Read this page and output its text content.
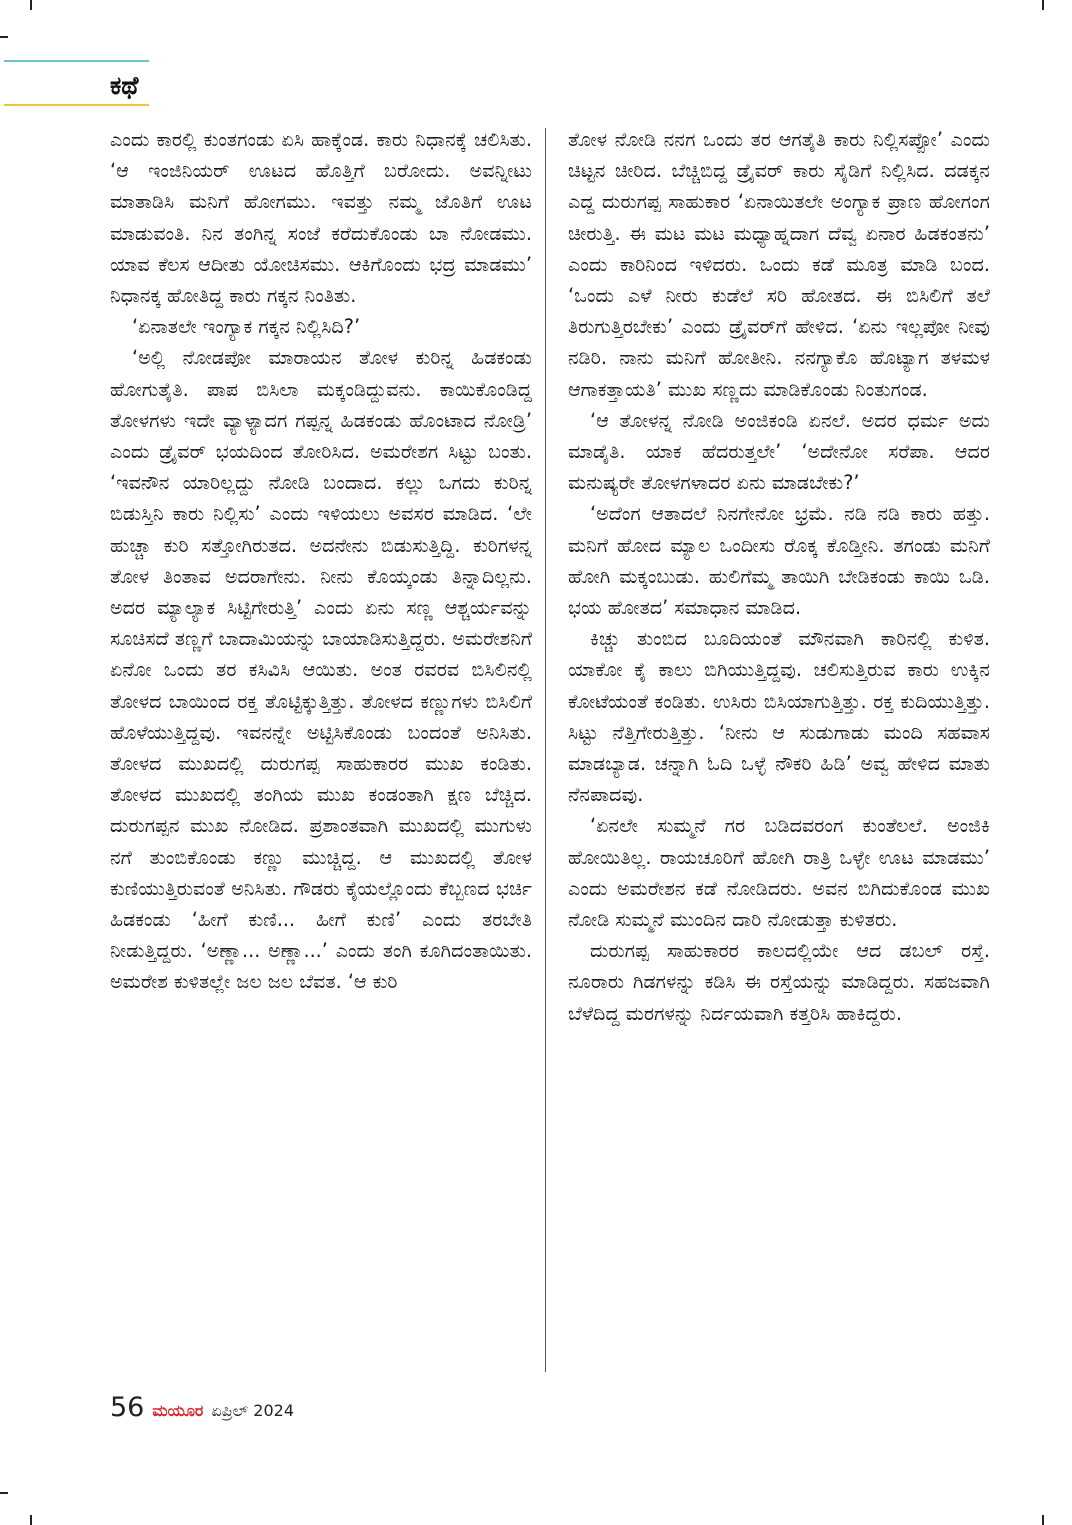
ಕಥೆ

ಎಂದು ಕಾರಲ್ಲಿ ಕುಂತಗಂಡು ಏಸಿ ಹಾಕ್ಕೆಂಡ. ಕಾರು ನಿಧಾನಕ್ಕೆ ಚಲಿಸಿತು. ‘ಆ ಇಂಜಿನಿಯರ್ ಊಟದ ಹೊತ್ತಿಗೆ ಬರೋದು. ಅವನ್ನೀಟು ಮಾತಾಡಿಸಿ ಮನಿಗೆ ಹೋಗಮು. ಇವತ್ತು ನಮ್ಮ ಜೊತಿಗೆ ಊಟ ಮಾಡುವಂತಿ. ನಿನ ತಂಗಿನ್ನ ಸಂಜೆ ಕರೆದುಕೊಂಡು ಬಾ ನೋಡಮು. ಯಾವ ಕೆಲಸ ಆದೀತು ಯೋಚಿಸಮು. ಆಕಿಗೊಂದು ಭದ್ರ ಮಾಡಮು’ ನಿಧಾನಕ್ಕ ಹೋತಿದ್ದ ಕಾರು ಗಕ್ಕನ ನಿಂತಿತು.

‘ಏನಾತಲೇ ಇಂಗ್ಯಾಕ ಗಕ್ಕನ ನಿಲ್ಲಿಸಿದಿ?’

‘ಅಲ್ಲಿ ನೋಡಪೋ ಮಾರಾಯನ ತೋಳ ಕುರಿನ್ನ ಹಿಡಕಂಡು ಹೋಗುತೈತಿ. ಪಾಪ ಬಿಸಿಲಾ ಮಕ್ಕಂಡಿದ್ದುವನು. ಕಾಯಿಕೊಂಡಿದ್ದ ತೋಳಗಳು ಇದೇ ವ್ಯಾಳ್ಯಾದಗ ಗಪ್ಪನ್ನ ಹಿಡಕಂಡು ಹೊಂಟಾದ ನೋಡ್ರಿ’ ಎಂದು ಡ್ರೈವರ್ ಭಯದಿಂದ ತೋರಿಸಿದ. ಅಮರೇಶಗ ಸಿಟ್ಟು ಬಂತು. ‘ಇವನೌನ ಯಾರಿಲ್ಲದ್ದು ನೋಡಿ ಬಂದಾದ. ಕಲ್ಲು ಒಗದು ಕುರಿನ್ನ ಬಿಡುಸ್ತಿನಿ ಕಾರು ನಿಲ್ಲಿಸು’ ಎಂದು ಇಳಿಯಲು ಅವಸರ ಮಾಡಿದ. ‘ಲೇ ಹುಚ್ಚಾ ಕುರಿ ಸತ್ತೋಗಿರುತದ. ಅದನೇನು ಬಿಡುಸುತ್ತಿದ್ದಿ. ಕುರಿಗಳನ್ನ ತೋಳ ತಿಂತಾವ ಅದರಾಗೇನು. ನೀನು ಕೊಯ್ಕಂಡು ತಿನ್ನಾದಿಲ್ಲನು. ಅದರ ಮ್ಯಾಲ್ಯಾಕ ಸಿಟ್ಟಿಗೇರುತ್ತಿ’ ಎಂದು ಏನು ಸಣ್ಣ ಆಶ್ಚರ್ಯವನ್ನು ಸೂಚಿಸದೆ ತಣ್ಣಗೆ ಬಾದಾಮಿಯನ್ನು ಬಾಯಾಡಿಸುತ್ತಿದ್ದರು. ಅಮರೇಶನಿಗೆ ಏನೋ ಒಂದು ತರ ಕಸಿವಿಸಿ ಆಯಿತು. ಅಂತ ರವರವ ಬಿಸಿಲಿನಲ್ಲಿ ತೋಳದ ಬಾಯಿಂದ ರಕ್ತ ತೊಟ್ಟಿಕ್ಕುತ್ತಿತ್ತು. ತೋಳದ ಕಣ್ಣುಗಳು ಬಿಸಿಲಿಗೆ ಹೊಳೆಯುತ್ತಿದ್ದವು. ಇವನನ್ನೇ ಅಟ್ಟಿಸಿಕೊಂಡು ಬಂದಂತೆ ಅನಿಸಿತು. ತೋಳದ ಮುಖದಲ್ಲಿ ದುರುಗಪ್ಪ ಸಾಹುಕಾರರ ಮುಖ ಕಂಡಿತು. ತೋಳದ ಮುಖದಲ್ಲಿ ತಂಗಿಯ ಮುಖ ಕಂಡಂತಾಗಿ ಕ್ಷಣ ಬೆಚ್ಚಿದ. ದುರುಗಪ್ಪನ ಮುಖ ನೋಡಿದ. ಪ್ರಶಾಂತವಾಗಿ ಮುಖದಲ್ಲಿ ಮುಗುಳು ನಗೆ ತುಂಬಿಕೊಂಡು ಕಣ್ಣು ಮುಚ್ಚಿದ್ದ. ಆ ಮುಖದಲ್ಲಿ ತೋಳ ಕುಣಿಯುತ್ತಿರುವಂತೆ ಅನಿಸಿತು. ಗೌಡರು ಕೈಯಲ್ಲೊಂದು ಕೆಬ್ಬಣದ ಭರ್ಚಿ ಹಿಡಕಂಡು ‘ಹೀಗೆ ಕುಣಿ... ಹೀಗೆ ಕುಣಿ’ ಎಂದು ತರಬೇತಿ ನೀಡುತ್ತಿದ್ದರು. ‘ಅಣ್ಣಾ... ಅಣ್ಣಾ...’ ಎಂದು ತಂಗಿ ಕೂಗಿದಂತಾಯಿತು. ಅಮರೇಶ ಕುಳಿತಲ್ಲೇ ಜಲ ಜಲ ಬೆವತ. ‘ಆ ಕುರಿ

ತೋಳ ನೋಡಿ ನನಗ ಒಂದು ತರ ಆಗತೈತಿ ಕಾರು ನಿಲ್ಲಿಸಪ್ಪೋ’ ಎಂದು ಚಿಟ್ಟನ ಚೀರಿದ. ಬೆಚ್ಚಿಬಿದ್ದ ಡ್ರೈವರ್ ಕಾರು ಸೈಡಿಗೆ ನಿಲ್ಲಿಸಿದ. ದಡಕ್ಕನ ಎದ್ದ ದುರುಗಪ್ಪ ಸಾಹುಕಾರ ‘ಏನಾಯಿತಲೇ ಅಂಗ್ಯಾಕ ಪ್ರಾಣ ಹೋಗಂಗ ಚೀರುತ್ತಿ. ಈ ಮಟ ಮಟ ಮಧ್ಯಾಹ್ನದಾಗ ದೆವ್ವ ಏನಾರ ಹಿಡಕಂತನು’ ಎಂದು ಕಾರಿನಿಂದ ಇಳಿದರು. ಒಂದು ಕಡೆ ಮೂತ್ರ ಮಾಡಿ ಬಂದ. ‘ಒಂದು ಎಳೆ ನೀರು ಕುಡೆಲೆ ಸರಿ ಹೋತದ. ಈ ಬಿಸಿಲಿಗೆ ತಲೆ ತಿರುಗುತ್ತಿರಬೇಕು’ ಎಂದು ಡ್ರೈವರ್‌ಗೆ ಹೇಳಿದ. ‘ಏನು ಇಲ್ಲಪೋ ನೀವು ನಡಿರಿ. ನಾನು ಮನಿಗೆ ಹೋತೀನಿ. ನನಗ್ಯಾಕೊ ಹೊಟ್ಯಾಗ ತಳಮಳ ಆಗಾಕತ್ತಾಯತಿ’ ಮುಖ ಸಣ್ಣದು ಮಾಡಿಕೊಂಡು ನಿಂತುಗಂಡ.

‘ಆ ತೋಳನ್ನ ನೋಡಿ ಅಂಜಿಕಂಡಿ ಏನಲೆ. ಅದರ ಧರ್ಮ ಅದು ಮಾಡೈತಿ. ಯಾಕ ಹೆದರುತ್ತಲೇ’ ‘ಅದೇನೋ ಸರೆಪಾ. ಆದರ ಮನುಷ್ಯರೇ ತೋಳಗಳಾದರ ಏನು ಮಾಡಬೇಕು?’

‘ಅದೆಂಗ ಆತಾದಲೆ ನಿನಗೇನೋ ಭ್ರಮೆ. ನಡಿ ನಡಿ ಕಾರು ಹತ್ತು. ಮನಿಗೆ ಹೋದ ಮ್ಯಾಲ ಒಂದೀಸು ರೊಕ್ಕ ಕೊಡ್ತೀನಿ. ತಗಂಡು ಮನಿಗೆ ಹೋಗಿ ಮಕ್ಕಂಬುಡು. ಹುಲಿಗೆಮ್ಮ ತಾಯಿಗಿ ಬೇಡಿಕಂಡು ಕಾಯಿ ಒಡಿ. ಭಯ ಹೋತದ’ ಸಮಾಧಾನ ಮಾಡಿದ.

ಕಿಚ್ಚು ತುಂಬಿದ ಬೂದಿಯಂತೆ ಮೌನವಾಗಿ ಕಾರಿನಲ್ಲಿ ಕುಳಿತ. ಯಾಕೋ ಕೈ ಕಾಲು ಬಿಗಿಯುತ್ತಿದ್ದವು. ಚಲಿಸುತ್ತಿರುವ ಕಾರು ಉಕ್ಕಿನ ಕೋಟೆಯಂತೆ ಕಂಡಿತು. ಉಸಿರು ಬಿಸಿಯಾಗುತ್ತಿತ್ತು. ರಕ್ತ ಕುದಿಯುತ್ತಿತ್ತು. ಸಿಟ್ಟು ನೆತ್ತಿಗೇರುತ್ತಿತ್ತು. ‘ನೀನು ಆ ಸುಡುಗಾಡು ಮಂದಿ ಸಹವಾಸ ಮಾಡಬ್ಯಾಡ. ಚನ್ನಾಗಿ ಓದಿ ಒಳ್ಳೆ ನೌಕರಿ ಹಿಡಿ’ ಅವ್ವ ಹೇಳಿದ ಮಾತು ನೆನಪಾದವು.

‘ಏನಲೇ ಸುಮ್ಮನೆ ಗರ ಬಡಿದವರಂಗ ಕುಂತೆಲಲೆ. ಅಂಜಿಕಿ ಹೋಯಿತಿಲ್ಲ. ರಾಯಚೂರಿಗೆ ಹೋಗಿ ರಾತ್ರಿ ಒಳ್ಳೇ ಊಟ ಮಾಡಮು’ ಎಂದು ಅಮರೇಶನ ಕಡೆ ನೋಡಿದರು. ಅವನ ಬಿಗಿದುಕೊಂಡ ಮುಖ ನೋಡಿ ಸುಮ್ಮನೆ ಮುಂದಿನ ದಾರಿ ನೋಡುತ್ತಾ ಕುಳಿತರು.

ದುರುಗಪ್ಪ ಸಾಹುಕಾರರ ಕಾಲದಲ್ಲಿಯೇ ಆದ ಡಬಲ್ ರಸ್ತೆ. ನೂರಾರು ಗಿಡಗಳನ್ನು ಕಡಿಸಿ ಈ ರಸ್ತೆಯನ್ನು ಮಾಡಿದ್ದರು. ಸಹಜವಾಗಿ ಬೆಳೆದಿದ್ದ ಮರಗಳನ್ನು ನಿರ್ದಯವಾಗಿ ಕತ್ತರಿಸಿ ಹಾಕಿದ್ದರು.

56 ಮಯೂರ ಏಪ್ರಿಲ್ 2024
